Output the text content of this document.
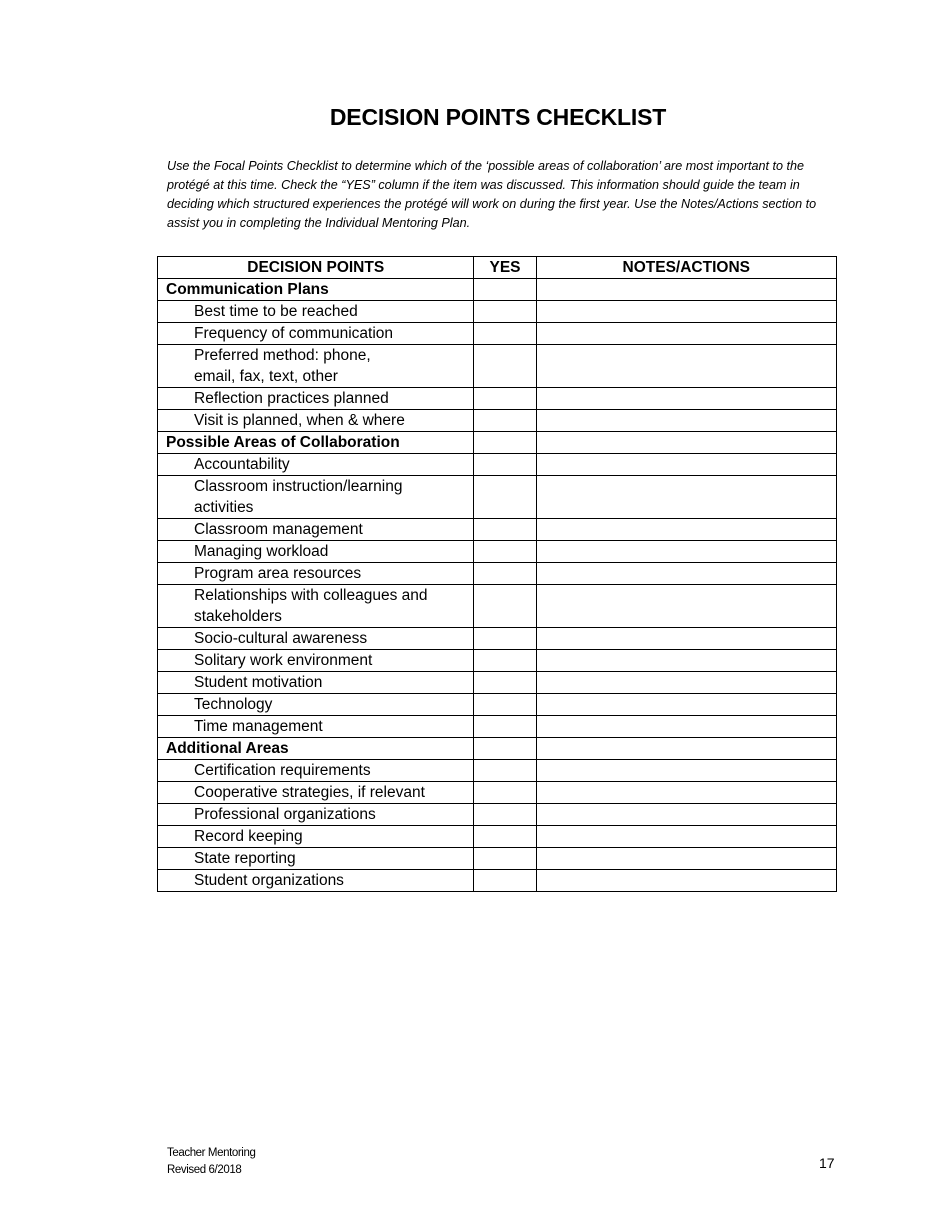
DECISION POINTS CHECKLIST
Use the Focal Points Checklist to determine which of the ‘possible areas of collaboration’ are most important to the protégé at this time. Check the “YES” column if the item was discussed. This information should guide the team in deciding which structured experiences the protégé will work on during the first year. Use the Notes/Actions section to assist you in completing the Individual Mentoring Plan.
DECISION POINTS	YES	NOTES/ACTIONS
Communication Plans		
Best time to be reached		
Frequency of communication		
Preferred method: phone, email, fax, text, other		
Reflection practices planned		
Visit is planned, when & where		
Possible Areas of Collaboration		
Accountability		
Classroom instruction/learning activities		
Classroom management		
Managing workload		
Program area resources		
Relationships with colleagues and stakeholders		
Socio-cultural awareness		
Solitary work environment		
Student motivation		
Technology		
Time management		
Additional Areas		
Certification requirements		
Cooperative strategies, if relevant		
Professional organizations		
Record keeping		
State reporting		
Student organizations		
Teacher Mentoring
Revised 6/2018	17
